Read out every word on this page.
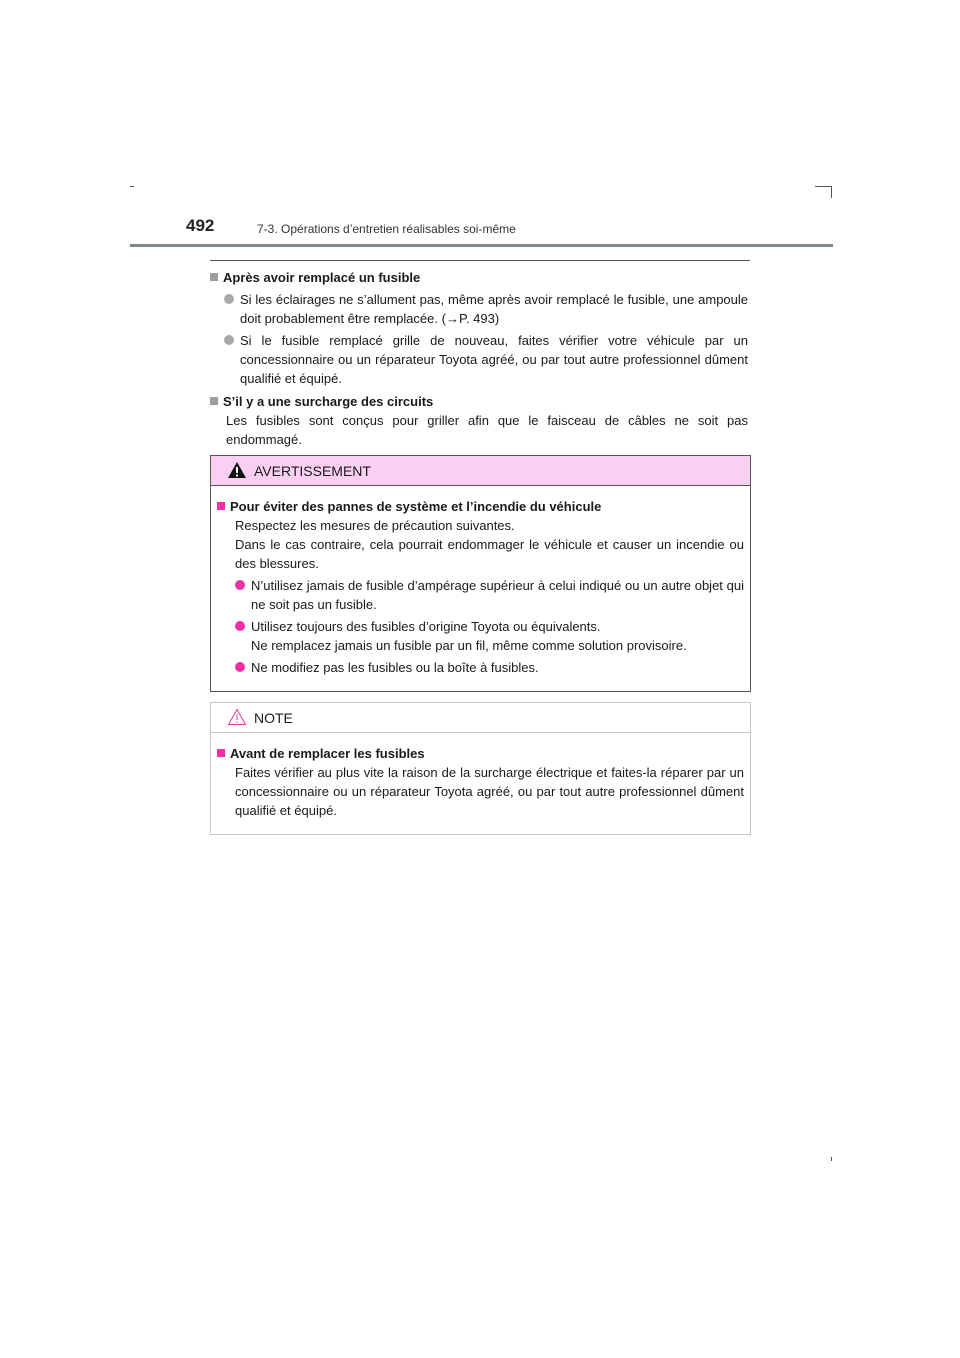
492	7-3. Opérations d’entretien réalisables soi-même

Après avoir remplacé un fusible

Si les éclairages ne s’allument pas, même après avoir remplacé le fusible, une ampoule doit probablement être remplacée. (→P. 493)
Si le fusible remplacé grille de nouveau, faites vérifier votre véhicule par un concessionnaire ou un réparateur Toyota agréé, ou par tout autre professionnel dûment qualifié et équipé.

S’il y a une surcharge des circuits

Les fusibles sont conçus pour griller afin que le faisceau de câbles ne soit pas endommagé.

AVERTISSEMENT

Pour éviter des pannes de système et l’incendie du véhicule

Respectez les mesures de précaution suivantes.

Dans le cas contraire, cela pourrait endommager le véhicule et causer un incendie ou des blessures.

N’utilisez jamais de fusible d’ampérage supérieur à celui indiqué ou un autre objet qui ne soit pas un fusible.
Utilisez toujours des fusibles d’origine Toyota ou équivalents.
Ne remplacez jamais un fusible par un fil, même comme solution provisoire.
Ne modifiez pas les fusibles ou la boîte à fusibles.
NOTE

Avant de remplacer les fusibles

Faites vérifier au plus vite la raison de la surcharge électrique et faites-la réparer par un concessionnaire ou un réparateur Toyota agréé, ou par tout autre professionnel dûment qualifié et équipé.
